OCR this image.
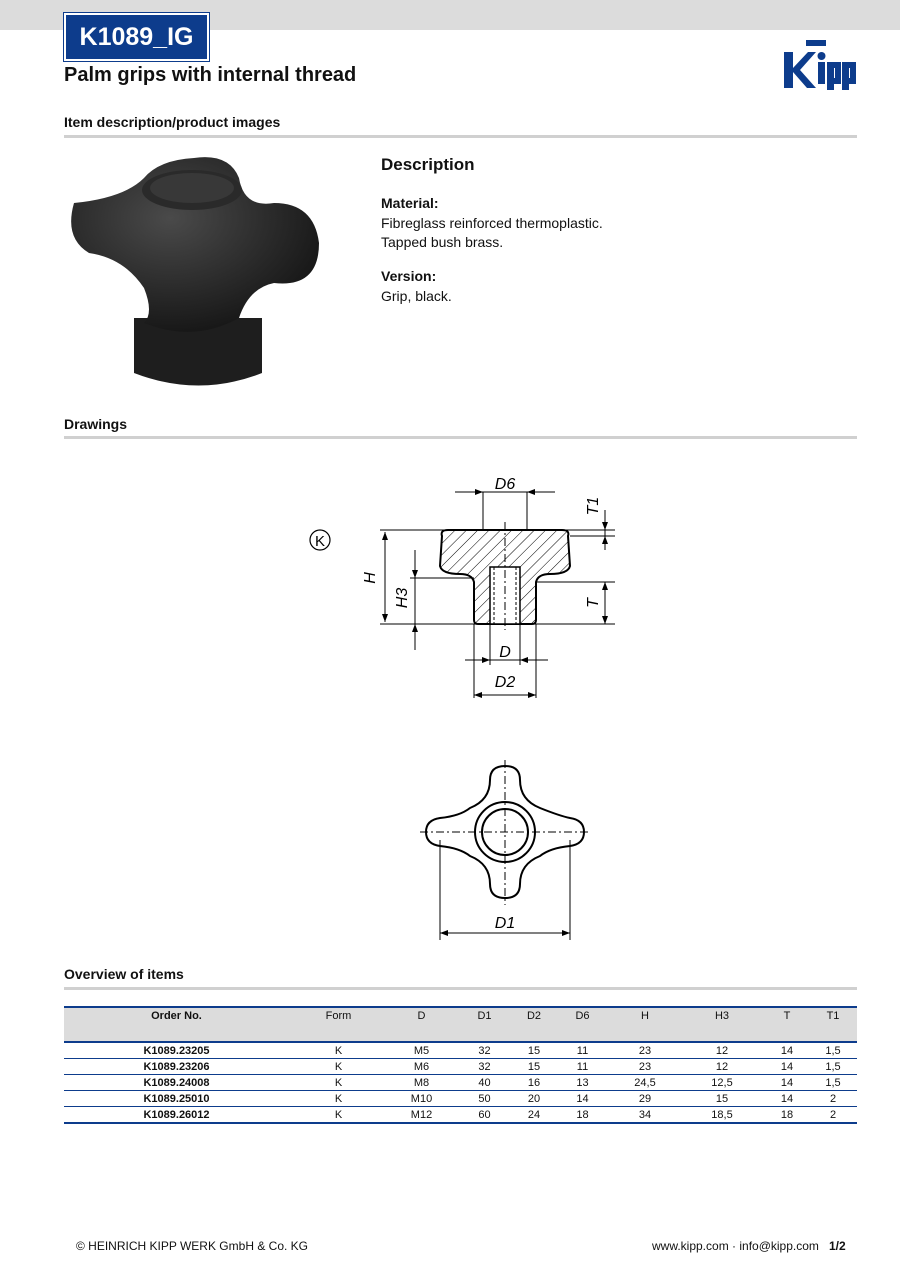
K1089_IG
Palm grips with internal thread
Item description/product images
Description
Material:
Fibreglass reinforced thermoplastic.
Tapped bush brass.
Version:
Grip, black.
Drawings
K
D6
T1
H
H3	T
D
D2
D1
Overview of items
Order No.	Form	D	D1	D2	D6	H	H3	T	T1
K1089.23205	K	M5	32	15	11	23	12	14	1,5
K1089.23206	K	M6	32	15	11	23	12	14	1,5
K1089.24008	K	M8	40	16	13	24,5	12,5	14	1,5
K1089.25010	K	M10	50	20	14	29	15	14	2
K1089.26012	K	M12	60	24	18	34	18,5	18	2
© HEINRICH KIPP WERK GmbH & Co. KG	www.kipp.com · info@kipp.com 1/2
